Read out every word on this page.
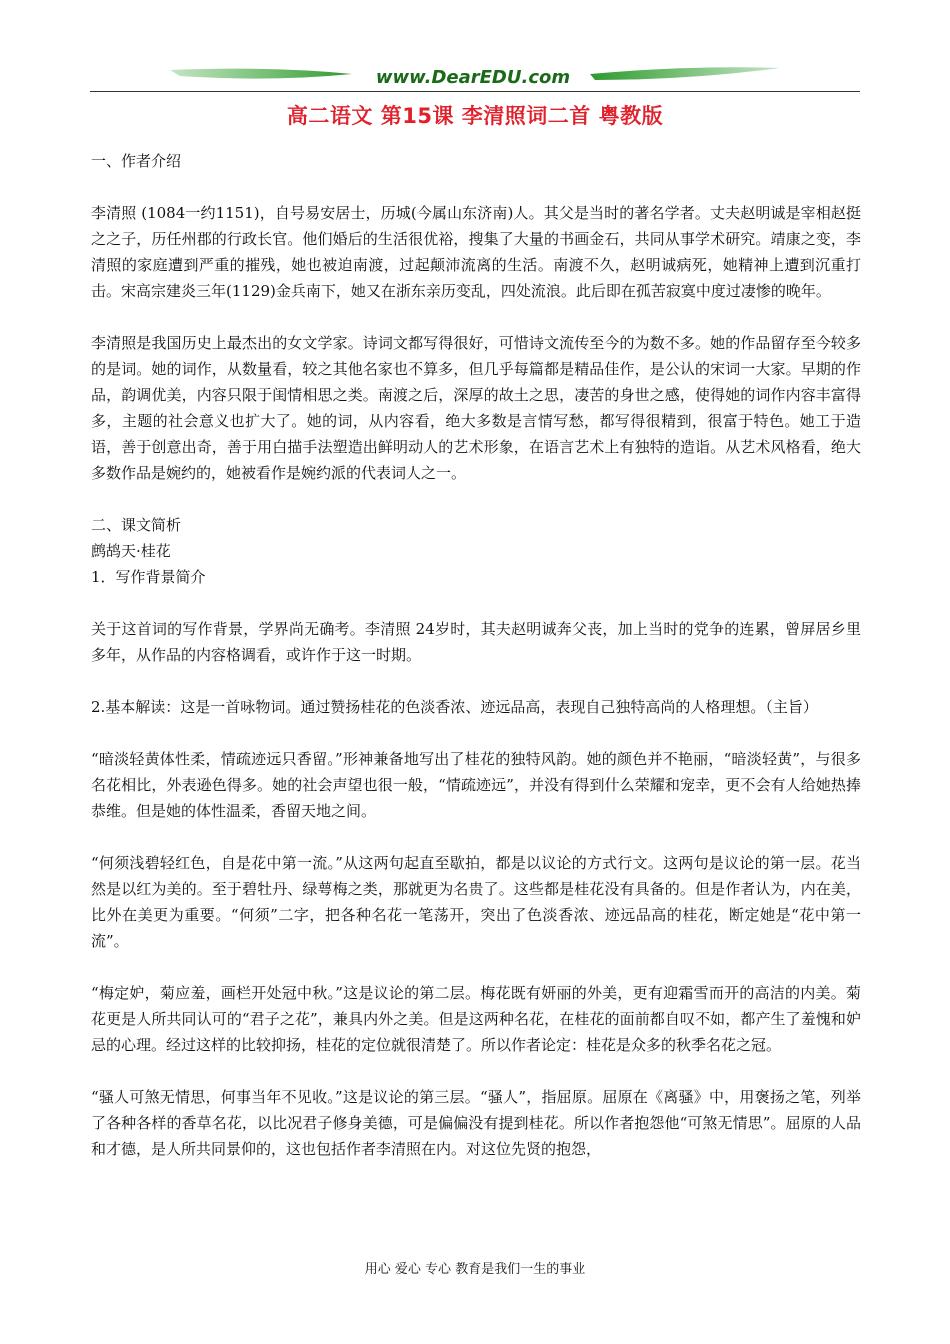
www.DearEDU.com
高二语文 第15课 李清照词二首 粤教版

一、作者介绍

李清照 (1084一约1151)，自号易安居士，历城(今属山东济南)人。其父是当时的著名学者。丈夫赵明诚是宰相赵挺之之子，历任州郡的行政长官。他们婚后的生活很优裕，搜集了大量的书画金石，共同从事学术研究。靖康之变，李清照的家庭遭到严重的摧残，她也被迫南渡，过起颠沛流离的生活。南渡不久，赵明诚病死，她精神上遭到沉重打击。宋高宗建炎三年(1129)金兵南下，她又在浙东亲历变乱，四处流浪。此后即在孤苦寂寞中度过凄惨的晚年。

李清照是我国历史上最杰出的女文学家。诗词文都写得很好，可惜诗文流传至今的为数不多。她的作品留存至今较多的是词。她的词作，从数量看，较之其他名家也不算多，但几乎每篇都是精品佳作，是公认的宋词一大家。早期的作品，韵调优美，内容只限于闺情相思之类。南渡之后，深厚的故土之思，凄苦的身世之感，使得她的词作内容丰富得多，主题的社会意义也扩大了。她的词，从内容看，绝大多数是言情写愁，都写得很精到，很富于特色。她工于造语，善于创意出奇，善于用白描手法塑造出鲜明动人的艺术形象，在语言艺术上有独特的造诣。从艺术风格看，绝大多数作品是婉约的，她被看作是婉约派的代表词人之一。

二、课文简析

鹧鸪天·桂花

1．写作背景简介

关于这首词的写作背景，学界尚无确考。李清照 24岁时，其夫赵明诚奔父丧，加上当时的党争的连累，曾屏居乡里多年，从作品的内容格调看，或许作于这一时期。

2.基本解读：这是一首咏物词。通过赞扬桂花的色淡香浓、迹远品高，表现自己独特高尚的人格理想。（主旨）

“暗淡轻黄体性柔，情疏迹远只香留。”形神兼备地写出了桂花的独特风韵。她的颜色并不艳丽，“暗淡轻黄”，与很多名花相比，外表逊色得多。她的社会声望也很一般，“情疏迹远”，并没有得到什么荣耀和宠幸，更不会有人给她热捧恭维。但是她的体性温柔，香留天地之间。

“何须浅碧轻红色，自是花中第一流。”从这两句起直至歇拍，都是以议论的方式行文。这两句是议论的第一层。花当然是以红为美的。至于碧牡丹、绿萼梅之类，那就更为名贵了。这些都是桂花没有具备的。但是作者认为，内在美，比外在美更为重要。“何须”二字，把各种名花一笔荡开，突出了色淡香浓、迹远品高的桂花，断定她是“花中第一流”。

“梅定妒，菊应羞，画栏开处冠中秋。”这是议论的第二层。梅花既有妍丽的外美，更有迎霜雪而开的高洁的内美。菊花更是人所共同认可的“君子之花”，兼具内外之美。但是这两种名花，在桂花的面前都自叹不如，都产生了羞愧和妒忌的心理。经过这样的比较抑扬，桂花的定位就很清楚了。所以作者论定：桂花是众多的秋季名花之冠。

“骚人可煞无情思，何事当年不见收。”这是议论的第三层。“骚人”，指屈原。屈原在《离骚》中，用褒扬之笔，列举了各种各样的香草名花，以比况君子修身美德，可是偏偏没有提到桂花。所以作者抱怨他“可煞无情思”。屈原的人品和才德，是人所共同景仰的，这也包括作者李清照在内。对这位先贤的抱怨，

用心 爱心 专心 教育是我们一生的事业
